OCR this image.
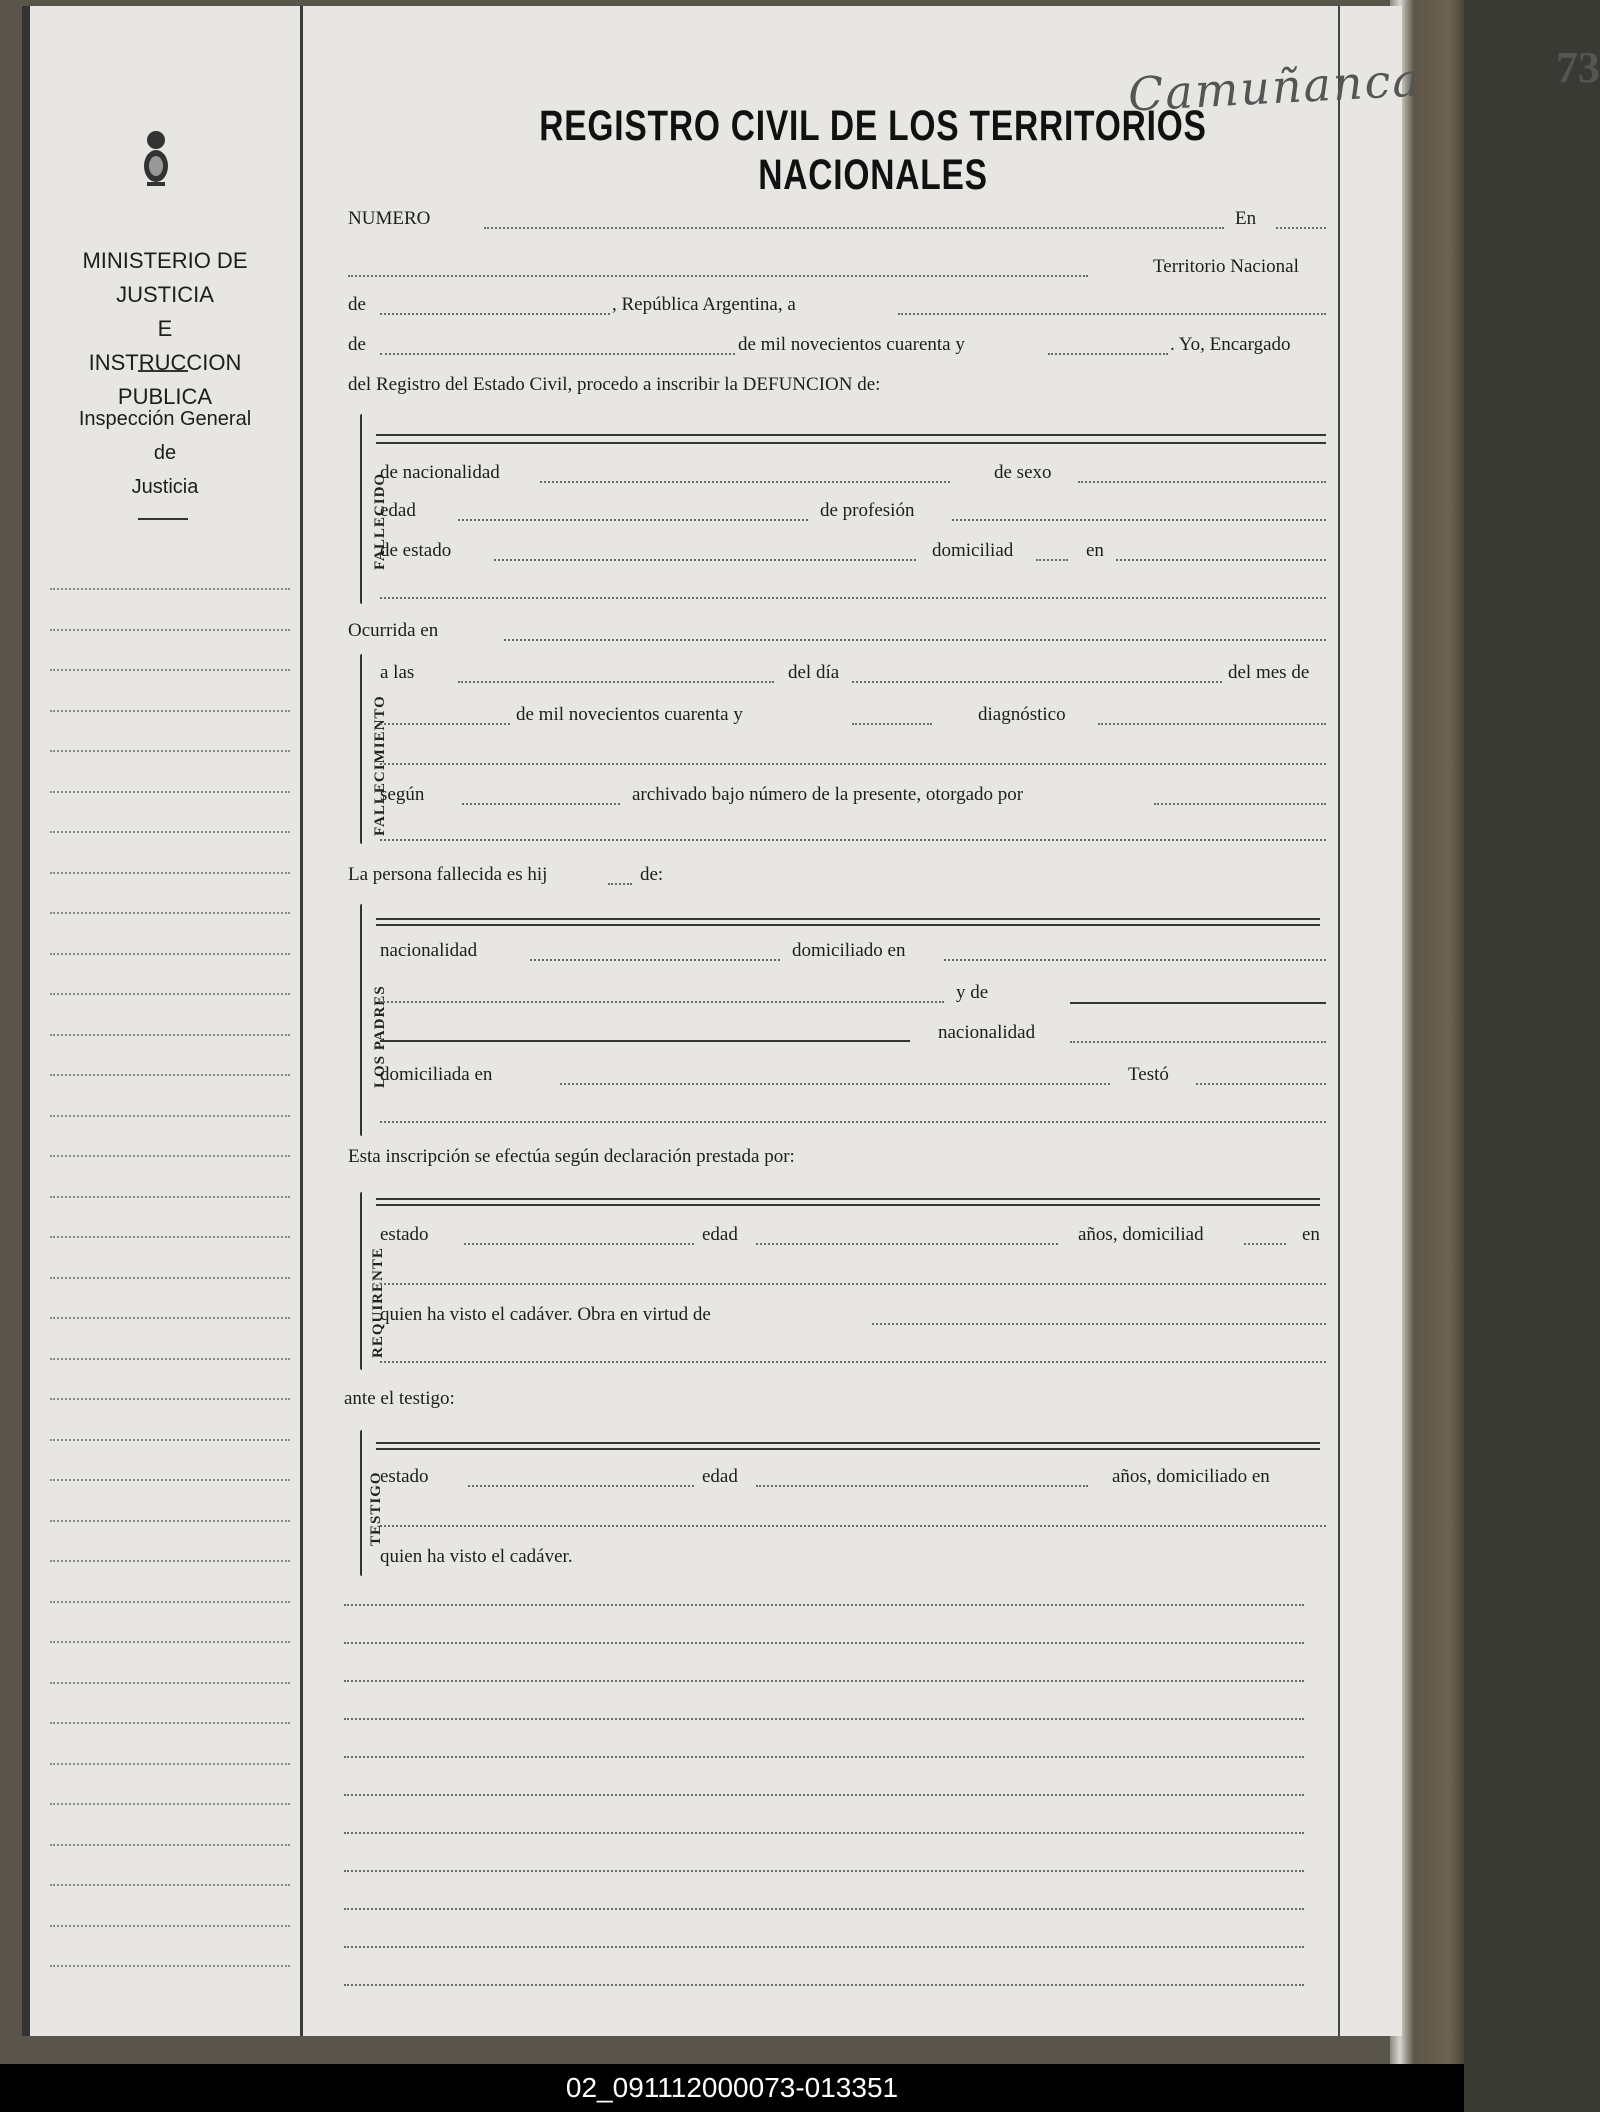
MINISTERIO DE JUSTICIA
E
INSTRUCCION PUBLICA
Inspección General
de
Justicia
73
Camuñanca
REGISTRO CIVIL DE LOS TERRITORIOS NACIONALES
NUMERO	En
Territorio Nacional
de	, República Argentina, a
de	de mil novecientos cuarenta y	. Yo, Encargado
del Registro del Estado Civil, procedo a inscribir la DEFUNCION de:
FALLECIDO
de nacionalidad	de sexo
edad	de profesión
de estado	domiciliad	en
Ocurrida en
FALLECIMIENTO
a las	del día	del mes de
de mil novecientos cuarenta y	diagnóstico
según	archivado bajo número de la presente, otorgado por
La persona fallecida es hij	de:
LOS PADRES
nacionalidad	domiciliado en
y de
nacionalidad
domiciliada en	Testó
Esta inscripción se efectúa según declaración prestada por:
REQUIRENTE
estado	edad	años, domiciliad	en
quien ha visto el cadáver. Obra en virtud de
ante el testigo:
TESTIGO
estado	edad	años, domiciliado en
quien ha visto el cadáver.
02_091112000073-013351
